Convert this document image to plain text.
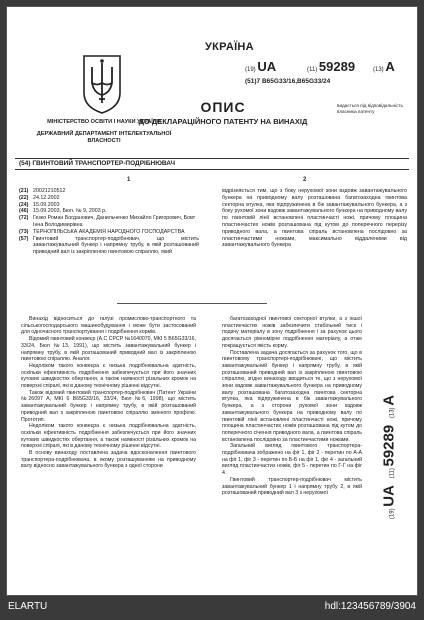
МІНІСТЕРСТВО ОСВІТИ І НАУКИ УКРАЇНИ
ДЕРЖАВНИЙ ДЕПАРТАМЕНТ ІНТЕЛЕКТУАЛЬНОЇ ВЛАСНОСТІ
УКРАЇНА
(19) UA	(11) 59289	(13) A
(51)7 B65G33/16,B65G33/24
ОПИС
ДО ДЕКЛАРАЦІЙНОГО ПАТЕНТУ НА ВИНАХІД
видається під відповідальність власника патенту
(54) ГВИНТОВИЙ ТРАНСПОРТЕР-ПОДРІБНЮВАЧ
1	2
(21) 20021210512
(22) 24.12.2002
(24) 15.09.2003
(46) 15.09.2003, Бюл. № 9, 2003 р.
(72) Гезко Роман Богданович, Данильченко Михайло Григорович, Бовт Інна Володимирівна
(73) ТЕРНОПІЛЬСЬКА АКАДЕМІЯ НАРОДНОГО ГОСПОДАРСТВА
(57) Гвинтовий транспортер-подрібнювач, що містить завантажувальний бункер і напрямну трубу, в якій розташований приводний вал із закріпленою гвинтовою спіраллю, який
відрізняється тим, що з боку нерухомої зони вздовж завантажувального бункера на приводному валу розташована багатозаходна гвинтова секторна втулка, яка підпружинена в бік завантажувального бункера, а з боку рухомої зони вздовж завантажувального бункера на приводному валу по гвинтовій лінії встановлені пластинчасті ножі, причому площина пластинчастих ножів розташована під кутом до поперечного перерізу приводного вала, а гвинтова спіраль встановлена послідовно за пластинчастими ножами, максимально віддаленими від завантажувального бункера

Винахід відноситься до галузі промислово-транспортного та сільськогосподарського машинобудування і може бути застосований для одночасного транспортування і подрібнення кормів.

Відомий гвинтовий конвеєр (А.С СРСР №1640070, МКІ 5 B65G33/16, 33/24, Бюл №13, 1991), що містить завантажувальний бункер і напрямну трубу, в якій розташований приводний вал із закріпленою гвинтовою спіраллю. Аналог.

Недоліком такого конвеєра є низька подрібнювальна здатність, оскільки ефективність подрібнення забезпечується при його значних кутових швидкостях обертання, а також наявності різальних кромок на поверхні спіралі, які в даному технічному рішенні відсутні.

Також відомий гвинтовий транспортер-подрібнювач (Патент України №26097 А, МКІ 6 B65G33/16, 33/24, Бюл №6, 1998), що містить завантажувальний бункер і напрямну трубу, в якій розташований приводний вал з закріпленою гвинтовою спіраллю змінного профілю. Прототип.

Недоліком такого конвеєра є низька подрібнювальна здатність, оскільки ефективність подрібнення забезпечується при його значних кутових швидкостях обертання, а також наявності різальних кромок на поверхні спіралі, які в даному технічному рішенні відсутні.

В основу винаходу поставлена задача вдосконалення гвинтового транспортера-подрібнювача, в якому розташуванням на приводному валу відносно завантажувального бункера з одної сторони

багатозаходної гвинтової секторної втулки, а з іншої пластинчастих ножів забезпечити стабільний тиск і подачу матеріалу в зону подрібнення і за рахунок цього досягається рівномірне подрібнення матеріалу, а отже покращується якість корму.

Поставлена задача досягається за рахунок того, що в гвинтовому транспортері-подрібнювачі, що містить завантажувальний бункер і напрямну трубу, в якій розташований приводний вал із закріпленою гвинтовою спіраллю, згідно винаходу вводиться те, що з нерухомої зони вздовж завантажувального бункера на приводному валу розташована багатозаходна гвинтова секторна втулка, яка підпружинена в бік завантажувального бункера, а з сторони рухомої зони вздовж завантажувального бункера на приводному валу по гвинтовій лінії встановлені пластинчасті ножі, причому площина пластинчастих ножів розташована під кутом до поперечного січення приводного вала, а гвинтова спіраль встановлена послідовно за пластинчастими ножами.

Загальний вигляд гвинтового транспортера-подрібнювача зображено на фіг 1, фіг 2 - перетин по А-А на фіг 1, фіг 3 - перетин по Б-Б на фіг 1, фіг 4 - загальний вигляд пластинчастих ножів, фіг 5 - перетин по Г-Г на фіг 4.

Гвинтовий транспортер-подрібнювач містить завантажувальний бункер 1 і напрямну трубу 2, в якій розташований приводний вал 3 з нерухомої

(19) UA    (11) 59289    (13) A
ELARTU	hdl:123456789/3904
